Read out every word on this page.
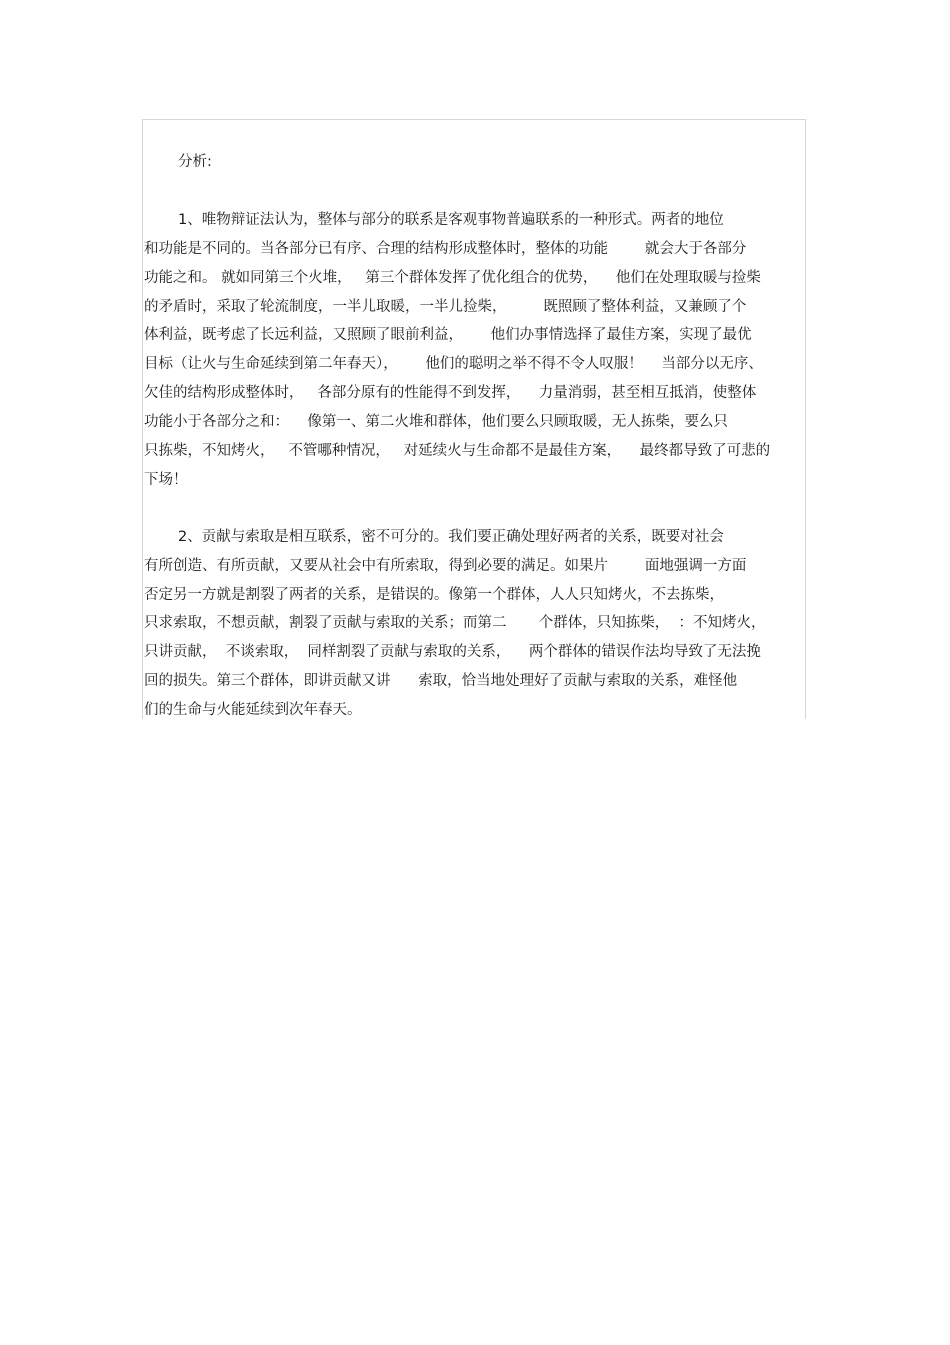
分析:
1、唯物辩证法认为，整体与部分的联系是客观事物普遍联系的一种形式。两者的地位
和功能是不同的。当各部分已有序、合理的结构形成整体时，整体的功能        就会大于各部分
功能之和。 就如同第三个火堆，   第三个群体发挥了优化组合的优势，    他们在处理取暖与捡柴
的矛盾时，采取了轮流制度，一半儿取暖，一半儿捡柴，        既照顾了整体利益，又兼顾了个
体利益，既考虑了长远利益，又照顾了眼前利益，      他们办事情选择了最佳方案，实现了最优
目标（让火与生命延续到第二年春天），      他们的聪明之举不得不令人叹服！    当部分以无序、
欠佳的结构形成整体时，   各部分原有的性能得不到发挥，    力量消弱，甚至相互抵消，使整体
功能小于各部分之和：    像第一、第二火堆和群体，他们要么只顾取暖，无人拣柴，要么只
只拣柴，不知烤火，   不管哪种情况，   对延续火与生命都不是最佳方案，    最终都导致了可悲的
下场！
2、贡献与索取是相互联系，密不可分的。我们要正确处理好两者的关系，既要对社会
有所创造、有所贡献，又要从社会中有所索取，得到必要的满足。如果片        面地强调一方面
否定另一方就是割裂了两者的关系，是错误的。像第一个群体，人人只知烤火，不去拣柴，
只求索取，不想贡献，割裂了贡献与索取的关系；而第二       个群体，只知拣柴，  ：不知烤火，
只讲贡献，  不谈索取，  同样割裂了贡献与索取的关系，    两个群体的错误作法均导致了无法挽
回的损失。第三个群体，即讲贡献又讲      索取，恰当地处理好了贡献与索取的关系，难怪他
们的生命与火能延续到次年春天。
